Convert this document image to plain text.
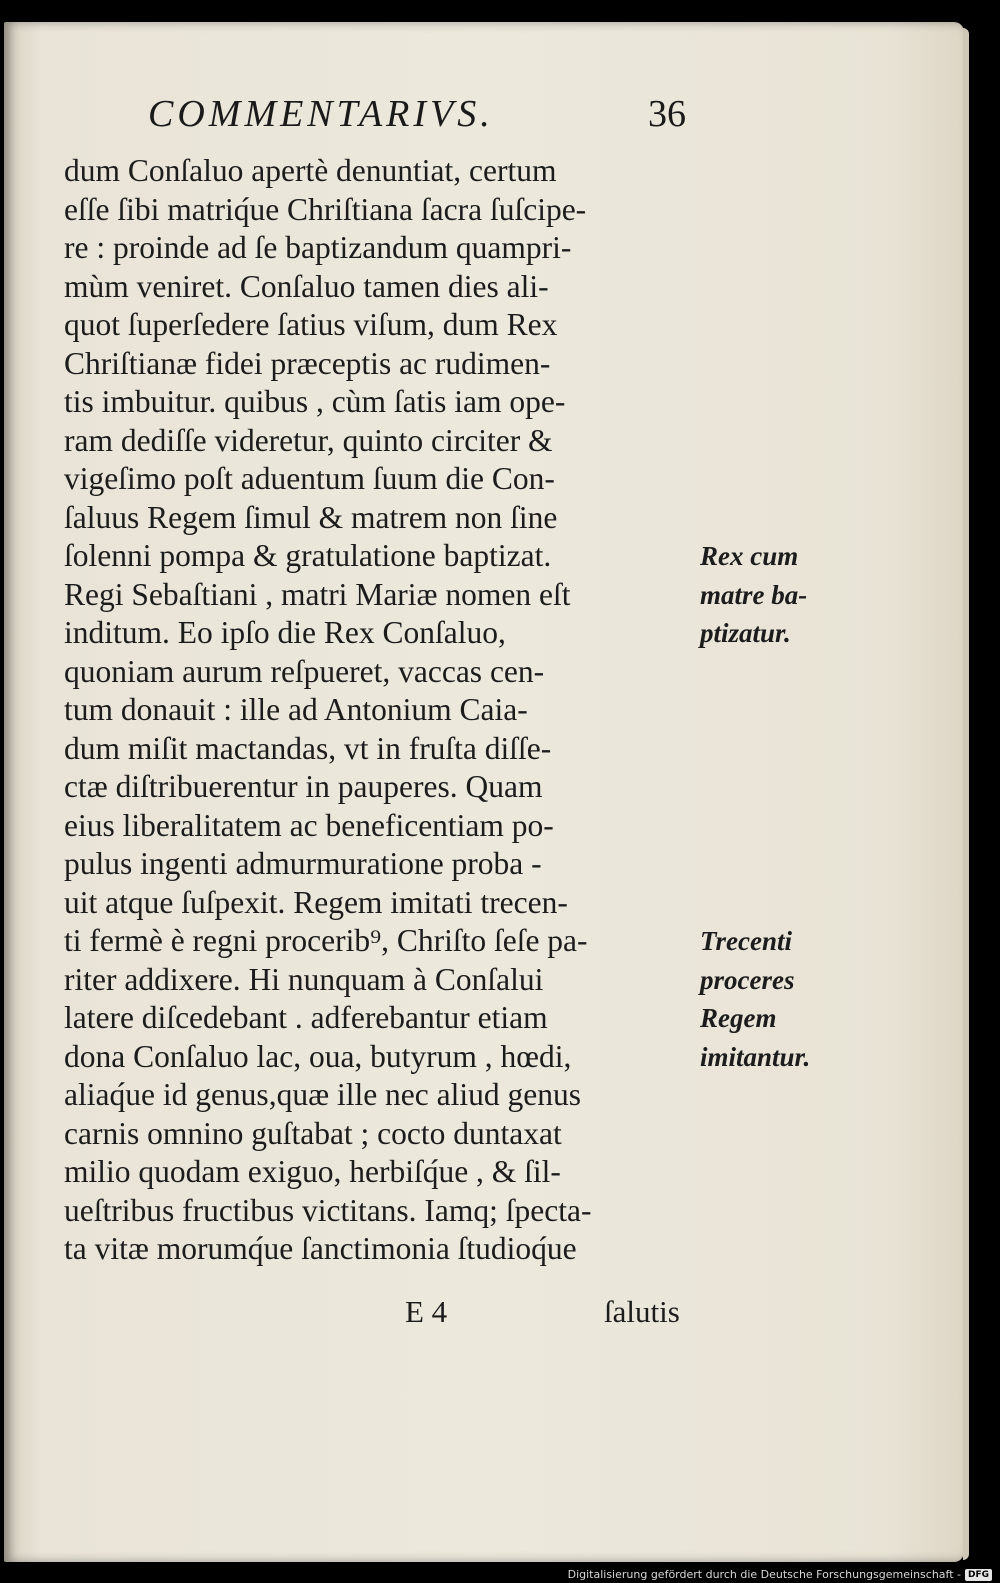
COMMENTARIVS.	36
dum Conſaluo apertè denuntiat, certum
eſſe ſibi matriq́ue Chriſtiana ſacra ſuſcipe-
re : proinde ad ſe baptizandum quampri-
mùm veniret. Conſaluo tamen dies ali-
quot ſuperſedere ſatius viſum, dum Rex
Chriſtianæ fidei præceptis ac rudimen-
tis imbuitur. quibus , cùm ſatis iam ope-
ram dediſſe videretur, quinto circiter &
vigeſimo poſt aduentum ſuum die Con-
ſaluus Regem ſimul & matrem non ſine
ſolenni pompa & gratulatione baptizat.
Regi Sebaſtiani , matri Mariæ nomen eſt
inditum. Eo ipſo die Rex Conſaluo,
quoniam aurum reſpueret, vaccas cen-
tum donauit : ille ad Antonium Caia-
dum miſit mactandas, vt in fruſta diſſe-
ctæ diſtribuerentur in pauperes. Quam
eius liberalitatem ac beneficentiam po-
pulus ingenti admurmuratione proba -
uit atque ſuſpexit. Regem imitati trecen-
ti fermè è regni procerib⁹, Chriſto ſeſe pa-
riter addixere. Hi nunquam à Conſalui
latere diſcedebant . adferebantur etiam
dona Conſaluo lac, oua, butyrum , hœdi,
aliaq́ue id genus,quæ ille nec aliud genus
carnis omnino guſtabat ; cocto duntaxat
milio quodam exiguo, herbiſq́ue , & ſil-
ueſtribus fructibus victitans. Iamq; ſpecta-
ta vitæ morumq́ue ſanctimonia ſtudioq́ue
Rex cum
matre ba-
ptizatur.
Trecenti
proceres
Regem
imitantur.
E 4	ſalutis
Digitalisierung gefördert durch die Deutsche Forschungsgemeinschaft - DFG
